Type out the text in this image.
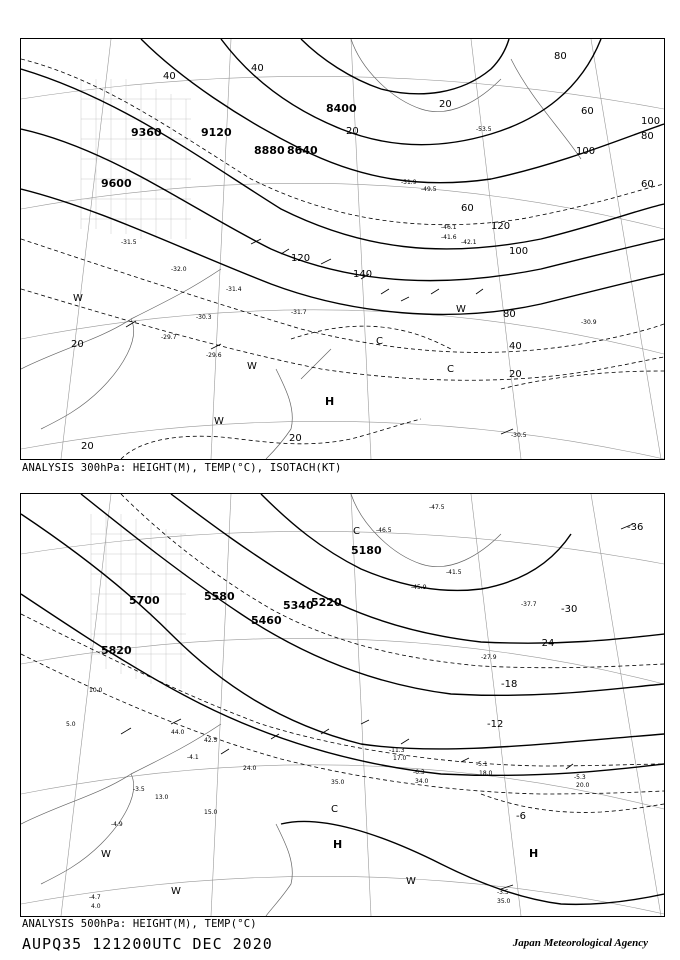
9360	9120
8880 8640
8400
9600
40
40
80
60
100
100
80
60
20
120
140
120
100
80
60
40
20
20
20
20
20
-31.5
-32.0
-31.4
-31.7
-30.9
-29.7
-29.6
-30.3
-30.5
-49.5
-51.9
-53.5
-41.6
-42.1
-46.1
W
W
W
C
C
H
W
ANALYSIS 300hPa: HEIGHT(M), TEMP(°C), ISOTACH(KT)
5700	5580
5820
5460
5340
5220
5180
-36
-30
-24
-18
-12
-6
-37.7
-27.9
-11.3
-5.1
-6.3
-5.3
-4.1
-3.5
-3.5
-4.9
-4.7
-45.9
-47.5
-46.5
-41.5
17.0
18.0
20.0
35.0	34.0
44.0
42.5
24.0
13.0
10.0
5.0
4.0
35.0
15.0
C
C
H
H
W
W
W
ANALYSIS 500hPa: HEIGHT(M), TEMP(°C)
AUPQ35 121200UTC DEC 2020	Japan Meteorological Agency
